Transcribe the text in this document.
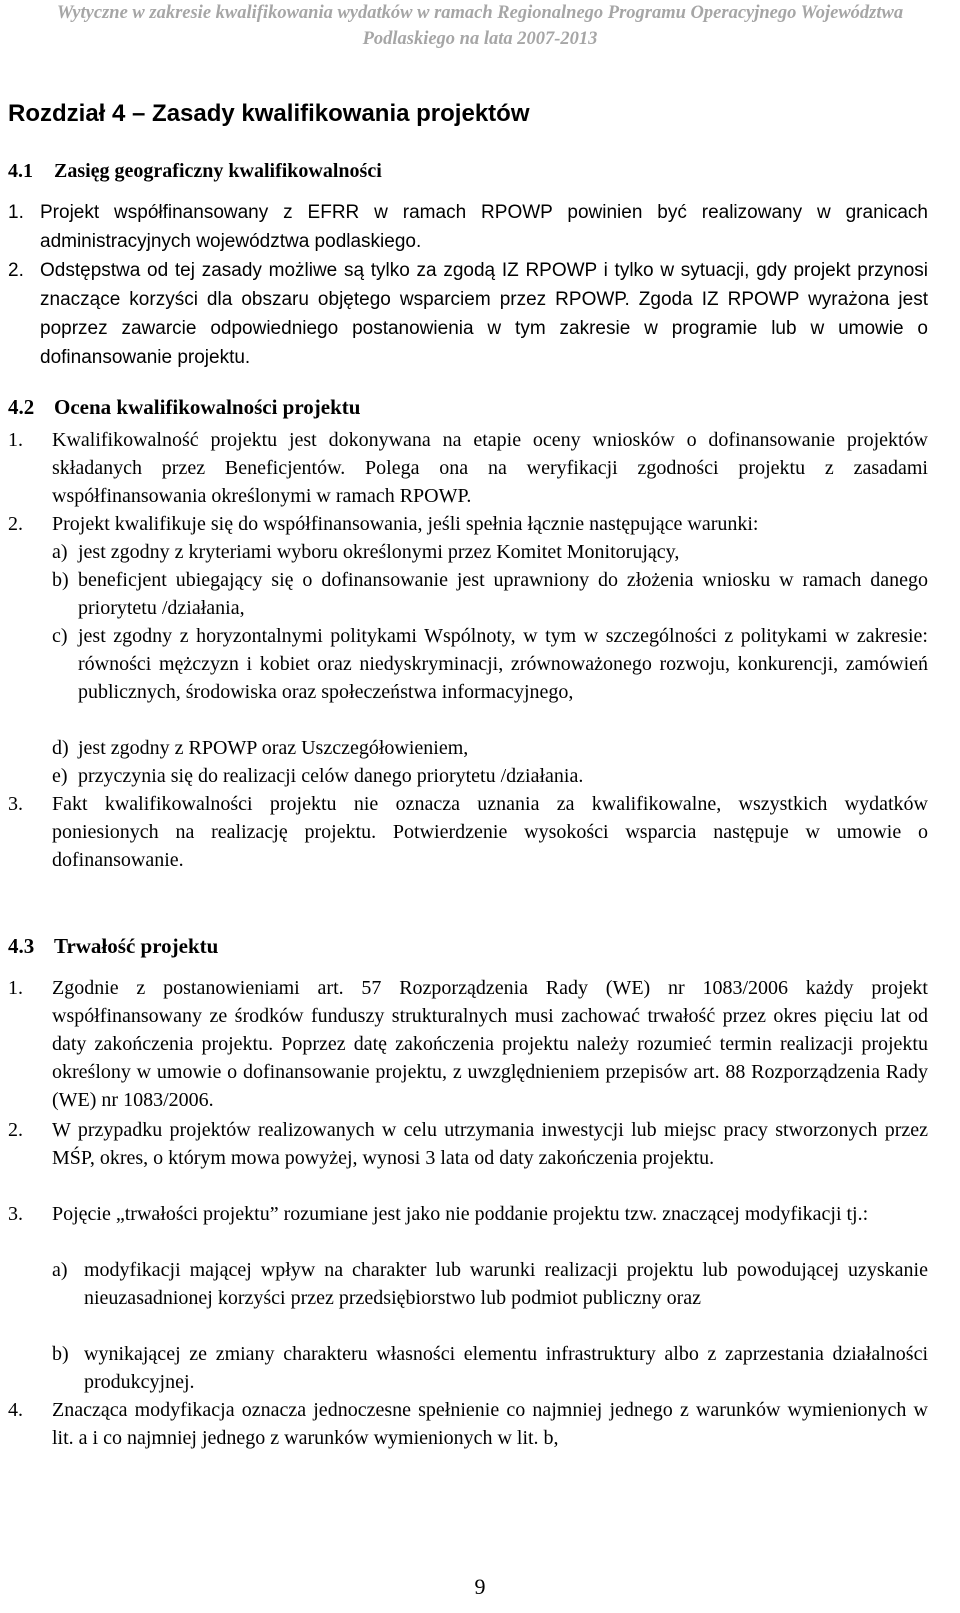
Wytyczne w zakresie kwalifikowania wydatków w ramach Regionalnego Programu Operacyjnego Województwa
Podlaskiego na lata 2007-2013
Rozdział 4 – Zasady kwalifikowania projektów
4.1 Zasięg geograficzny kwalifikowalności
1. Projekt współfinansowany z EFRR w ramach RPOWP powinien być realizowany w granicach administracyjnych województwa podlaskiego.
2. Odstępstwa od tej zasady możliwe są tylko za zgodą IZ RPOWP i tylko w sytuacji, gdy projekt przynosi znaczące korzyści dla obszaru objętego wsparciem przez RPOWP. Zgoda IZ RPOWP wyrażona jest poprzez zawarcie odpowiedniego postanowienia w tym zakresie w programie lub w umowie o dofinansowanie projektu.
4.2 Ocena kwalifikowalności projektu
1.	Kwalifikowalność projektu jest dokonywana na etapie oceny wniosków o dofinansowanie projektów składanych przez Beneficjentów. Polega ona na weryfikacji zgodności projektu z zasadami współfinansowania określonymi w ramach RPOWP.
2.	Projekt kwalifikuje się do współfinansowania, jeśli spełnia łącznie następujące warunki:
a) jest zgodny z kryteriami wyboru określonymi przez Komitet Monitorujący,
b) beneficjent ubiegający się o dofinansowanie jest uprawniony do złożenia wniosku w ramach danego priorytetu /działania,
c) jest zgodny z horyzontalnymi politykami Wspólnoty, w tym w szczególności z politykami w zakresie: równości mężczyzn i kobiet oraz niedyskryminacji, zrównoważonego rozwoju, konkurencji, zamówień publicznych, środowiska oraz społeczeństwa informacyjnego,
d) jest zgodny z RPOWP oraz Uszczegółowieniem,
e) przyczynia się do realizacji celów danego priorytetu /działania.
3.	Fakt kwalifikowalności projektu nie oznacza uznania za kwalifikowalne, wszystkich wydatków poniesionych na realizację projektu. Potwierdzenie wysokości wsparcia następuje w umowie o dofinansowanie.
4.3 Trwałość projektu
1.	Zgodnie z postanowieniami art. 57 Rozporządzenia Rady (WE) nr 1083/2006 każdy projekt współfinansowany ze środków funduszy strukturalnych musi zachować trwałość przez okres pięciu lat od daty zakończenia projektu. Poprzez datę zakończenia projektu należy rozumieć termin realizacji projektu określony w umowie o dofinansowanie projektu, z uwzględnieniem przepisów art. 88 Rozporządzenia Rady (WE) nr 1083/2006.
2.	W przypadku projektów realizowanych w celu utrzymania inwestycji lub miejsc pracy stworzonych przez MŚP, okres, o którym mowa powyżej, wynosi 3 lata od daty zakończenia projektu.
3.	Pojęcie „trwałości projektu” rozumiane jest jako nie poddanie projektu tzw. znaczącej modyfikacji tj.:
a) modyfikacji mającej wpływ na charakter lub warunki realizacji projektu lub powodującej uzyskanie nieuzasadnionej korzyści przez przedsiębiorstwo lub podmiot publiczny oraz
b) wynikającej ze zmiany charakteru własności elementu infrastruktury albo z zaprzestania działalności produkcyjnej.
4.	Znacząca modyfikacja oznacza jednoczesne spełnienie co najmniej jednego z warunków wymienionych w lit. a i co najmniej jednego z warunków wymienionych w lit. b,
9
